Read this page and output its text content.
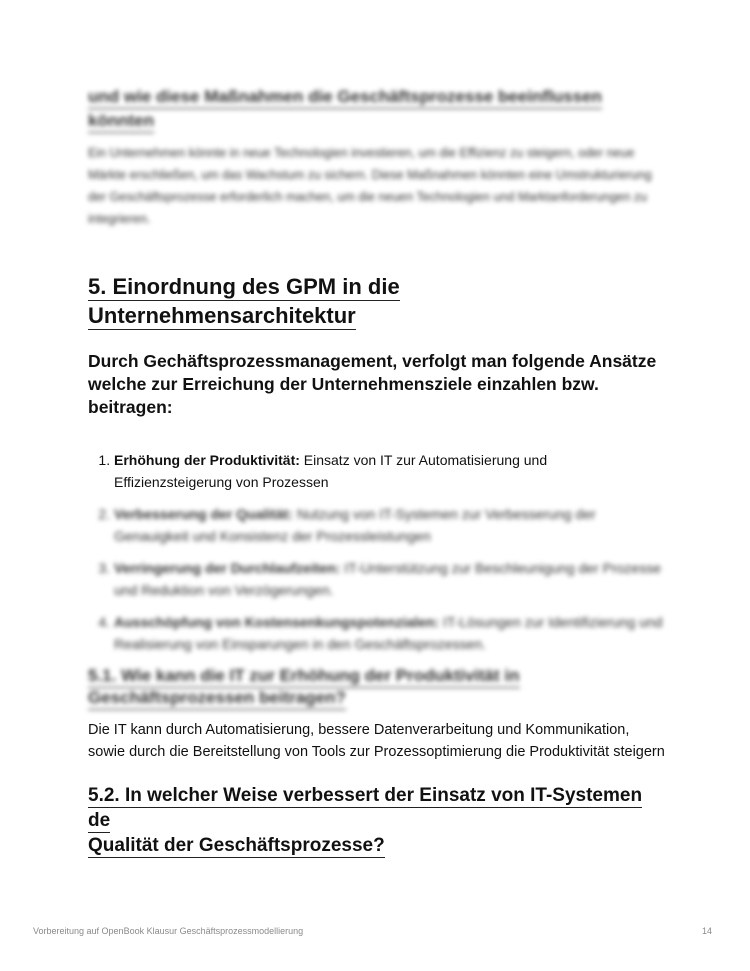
und wie diese Maßnahmen die Geschäftsprozesse beeinflussen könnten

Ein Unternehmen könnte in neue Technologien investieren, um die Effizienz zu steigern, oder neue Märkte erschließen, um das Wachstum zu sichern. Diese Maßnahmen könnten eine Umstrukturierung der Geschäftsprozesse erforderlich machen, um die neuen Technologien und Marktanforderungen zu integrieren.

5. Einordnung des GPM in die
Unternehmensarchitektur

Durch Gechäftsprozessmanagement, verfolgt man folgende Ansätze welche zur Erreichung der Unternehmensziele einzahlen bzw. beitragen:

1. Erhöhung der Produktivität: Einsatz von IT zur Automatisierung und Effizienzsteigerung von Prozessen
2. Verbesserung der Qualität: Nutzung von IT-Systemen zur Verbesserung der Genauigkeit und Konsistenz der Prozessleistungen
3. Verringerung der Durchlaufzeiten: IT-Unterstützung zur Beschleunigung der Prozesse und Reduktion von Verzögerungen.
4. Ausschöpfung von Kostensenkungspotenzialen: IT-Lösungen zur Identifizierung und Realisierung von Einsparungen in den Geschäftsprozessen.
5.1. Wie kann die IT zur Erhöhung der Produktivität in Geschäftsprozessen beitragen?

Die IT kann durch Automatisierung, bessere Datenverarbeitung und Kommunikation, sowie durch die Bereitstellung von Tools zur Prozessoptimierung die Produktivität steigern

5.2. In welcher Weise verbessert der Einsatz von IT-Systemen de
Qualität der Geschäftsprozesse?
Vorbereitung auf OpenBook Klausur Geschäftsprozessmodellierung	14
